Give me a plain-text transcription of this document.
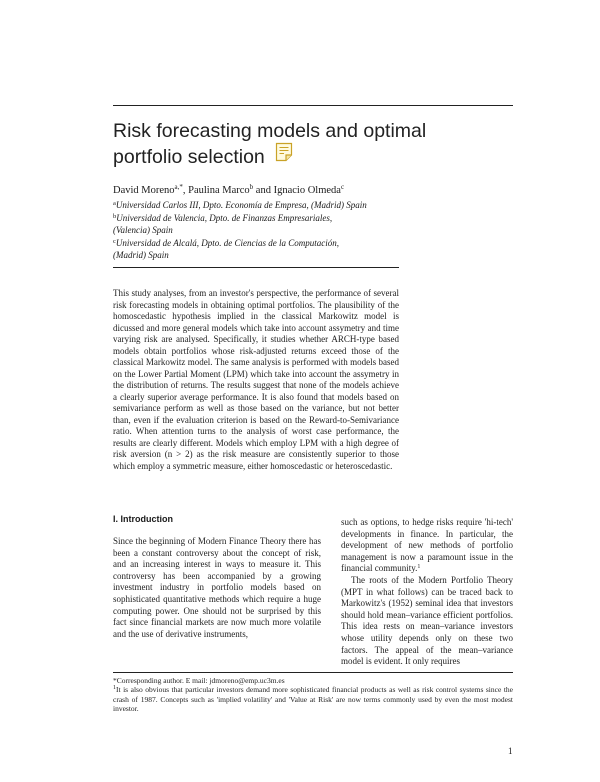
Risk forecasting models and optimal
portfolio selection
David Moreno$^{a,*}$, Paulina Marco$^b$ and Ignacio Olmeda$^c$
$^a$Universidad Carlos III, Dpto. Economía de Empresa, (Madrid) Spain
$^b$Universidad de Valencia, Dpto. de Finanzas Empresariales,
(Valencia) Spain
$^c$Universidad de Alcalá, Dpto. de Ciencias de la Computación,
(Madrid) Spain
This study analyses, from an investor's perspective, the performance of several risk forecasting models in obtaining optimal portfolios. The plausibility of the homoscedastic hypothesis implied in the classical Markowitz model is dicussed and more general models which take into account assymetry and time varying risk are analysed. Specifically, it studies whether ARCH-type based models obtain portfolios whose risk-adjusted returns exceed those of the classical Markowitz model. The same analysis is performed with models based on the Lower Partial Moment (LPM) which take into account the assymetry in the distribution of returns. The results suggest that none of the models achieve a clearly superior average performance. It is also found that models based on semivariance perform as well as those based on the variance, but not better than, even if the evaluation criterion is based on the Reward-to-Semivariance ratio. When attention turns to the analysis of worst case performance, the results are clearly different. Models which employ LPM with a high degree of risk aversion (n > 2) as the risk measure are consistently superior to those which employ a symmetric measure, either homoscedastic or heteroscedastic.
I. Introduction

Since the beginning of Modern Finance Theory there has been a constant controversy about the concept of risk, and an increasing interest in ways to measure it. This controversy has been accompanied by a growing investment industry in portfolio models based on sophisticated quantitative methods which require a huge computing power. One should not be surprised by this fact since financial markets are now much more volatile and the use of derivative instruments,

such as options, to hedge risks require 'hi-tech' developments in finance. In particular, the development of new methods of portfolio management is now a paramount issue in the financial community.$^1$

The roots of the Modern Portfolio Theory (MPT in what follows) can be traced back to Markowitz's (1952) seminal idea that investors should hold mean–variance efficient portfolios. This idea rests on mean–variance investors whose utility depends only on these two factors. The appeal of the mean–variance model is evident. It only requires

*Corresponding author. E mail: jdmoreno@emp.uc3m.es

$^1$It is also obvious that particular investors demand more sophisticated financial products as well as risk control systems since the crash of 1987. Concepts such as 'implied volatility' and 'Value at Risk' are now terms commonly used by even the most modest investor.

1
